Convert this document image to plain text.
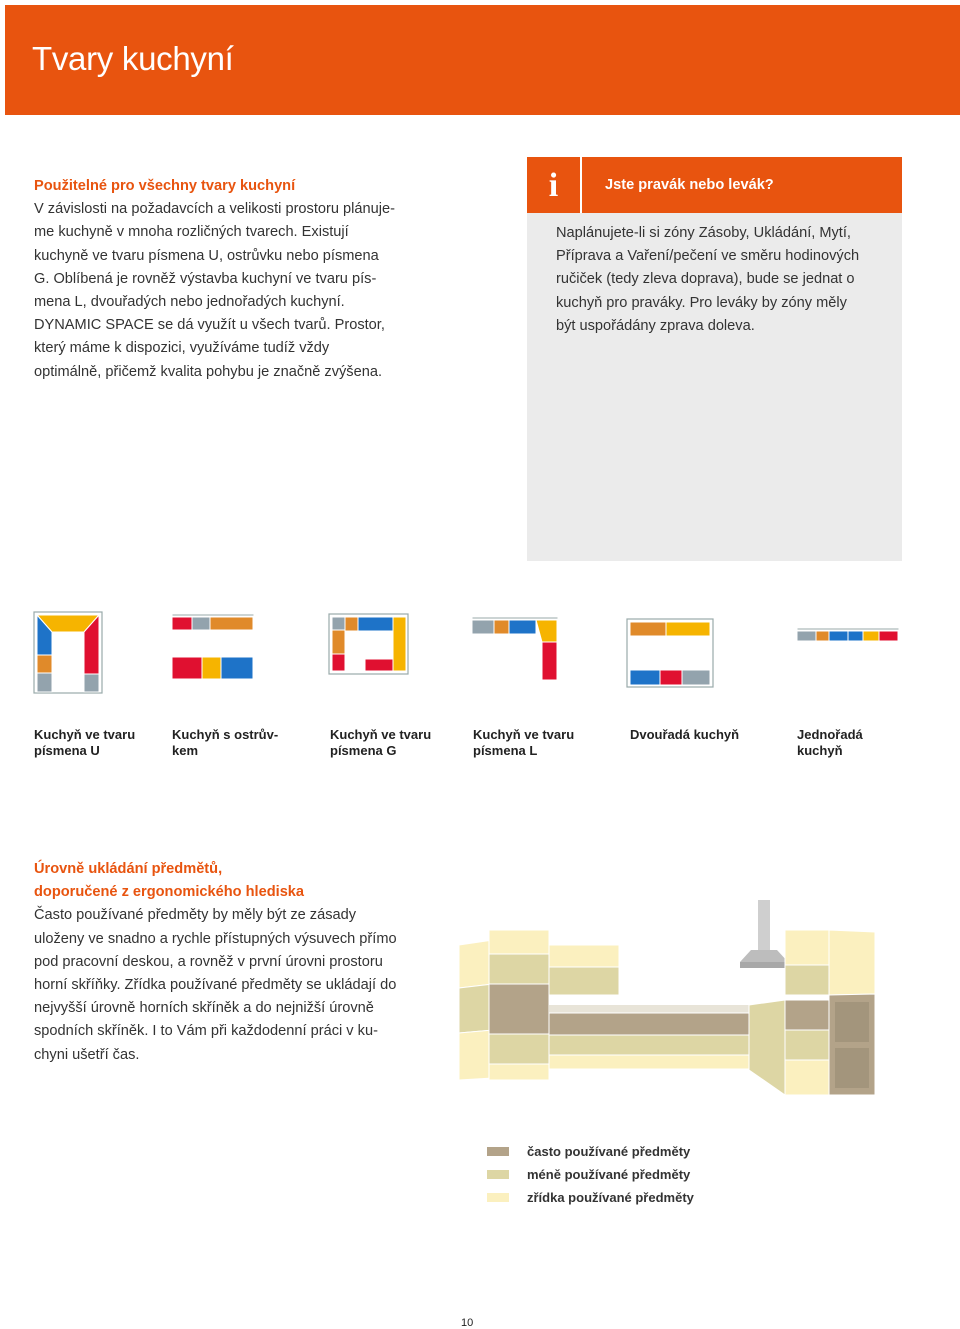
Tvary kuchyní
Použitelné pro všechny tvary kuchyní

V závislosti na požadavcích a velikosti prostoru plánuje-
me kuchyně v mnoha rozličných tvarech. Existují
kuchyně ve tvaru písmena U, ostrůvku nebo písmena
G. Oblíbená je rovněž výstavba kuchyní ve tvaru pís-
mena L, dvouřadých nebo jednořadých kuchyní.
DYNAMIC SPACE se dá využít u všech tvarů. Prostor,
který máme k dispozici, využíváme tudíž vždy
optimálně, přičemž kvalita pohybu je značně zvýšena.

i	Jste pravák nebo levák?
Naplánujete-li si zóny Zásoby, Ukládání, Mytí,
Příprava a Vaření/pečení ve směru hodinových
ručiček (tedy zleva doprava), bude se jednat o
kuchyň pro praváky. Pro leváky by zóny měly
být uspořádány zprava doleva.
Kuchyň ve tvaru
písmena U
Kuchyň s ostrův-
kem
Kuchyň ve tvaru
písmena G
Kuchyň ve tvaru
písmena L
Dvouřadá kuchyň	Jednořadá
kuchyň
Úrovně ukládání předmětů,
doporučené z ergonomického hlediska

Často používané předměty by měly být ze zásady
uloženy ve snadno a rychle přístupných výsuvech přímo
pod pracovní deskou, a rovněž v první úrovni prostoru
horní skříňky. Zřídka používané předměty se ukládají do
nejvyšší úrovně horních skříněk a do nejnižší úrovně
spodních skříněk. I to Vám při každodenní práci v ku-
chyni ušetří čas.

často používané předměty
méně používané předměty
zřídka používané předměty
10
